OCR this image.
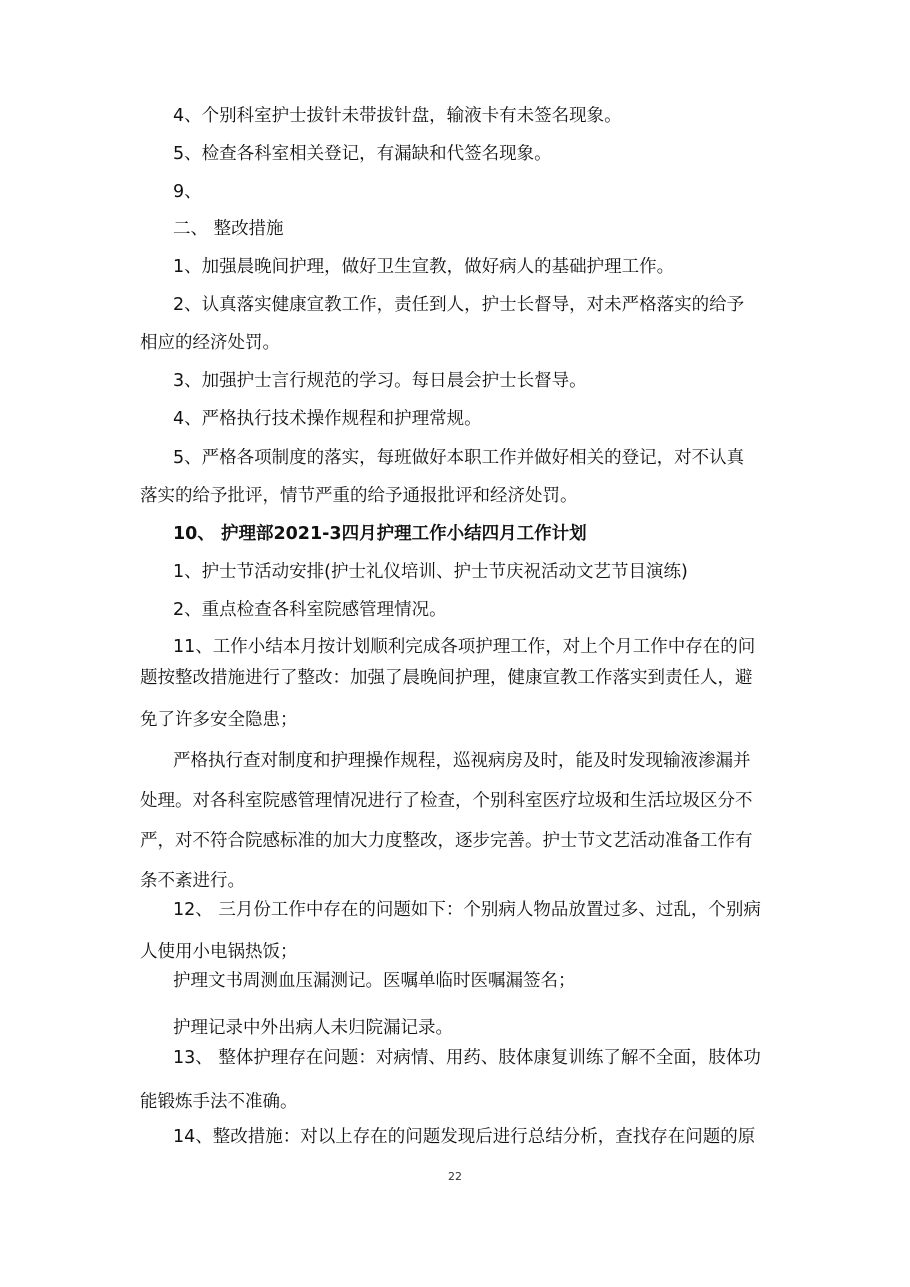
4、个别科室护士拔针未带拔针盘，输液卡有未签名现象。

5、检查各科室相关登记，有漏缺和代签名现象。

9、

二、 整改措施

1、加强晨晚间护理，做好卫生宣教，做好病人的基础护理工作。

2、认真落实健康宣教工作，责任到人，护士长督导，对未严格落实的给予

相应的经济处罚。

3、加强护士言行规范的学习。每日晨会护士长督导。

4、严格执行技术操作规程和护理常规。

5、严格各项制度的落实，每班做好本职工作并做好相关的登记，对不认真

落实的给予批评，情节严重的给予通报批评和经济处罚。

10、 护理部2021-3四月护理工作小结四月工作计划

1、护士节活动安排(护士礼仪培训、护士节庆祝活动文艺节目演练)

2、重点检查各科室院感管理情况。

11、工作小结本月按计划顺利完成各项护理工作，对上个月工作中存在的问

题按整改措施进行了整改：加强了晨晚间护理，健康宣教工作落实到责任人，避

免了许多安全隐患；

严格执行查对制度和护理操作规程，巡视病房及时，能及时发现输液渗漏并

处理。对各科室院感管理情况进行了检查，个别科室医疗垃圾和生活垃圾区分不

严，对不符合院感标准的加大力度整改，逐步完善。护士节文艺活动准备工作有

条不紊进行。

12、 三月份工作中存在的问题如下：个别病人物品放置过多、过乱，个别病

人使用小电锅热饭；

护理文书周测血压漏测记。医嘱单临时医嘱漏签名；

护理记录中外出病人未归院漏记录。

13、 整体护理存在问题：对病情、用药、肢体康复训练了解不全面，肢体功

能锻炼手法不准确。

14、整改措施：对以上存在的问题发现后进行总结分析，查找存在问题的原

22
